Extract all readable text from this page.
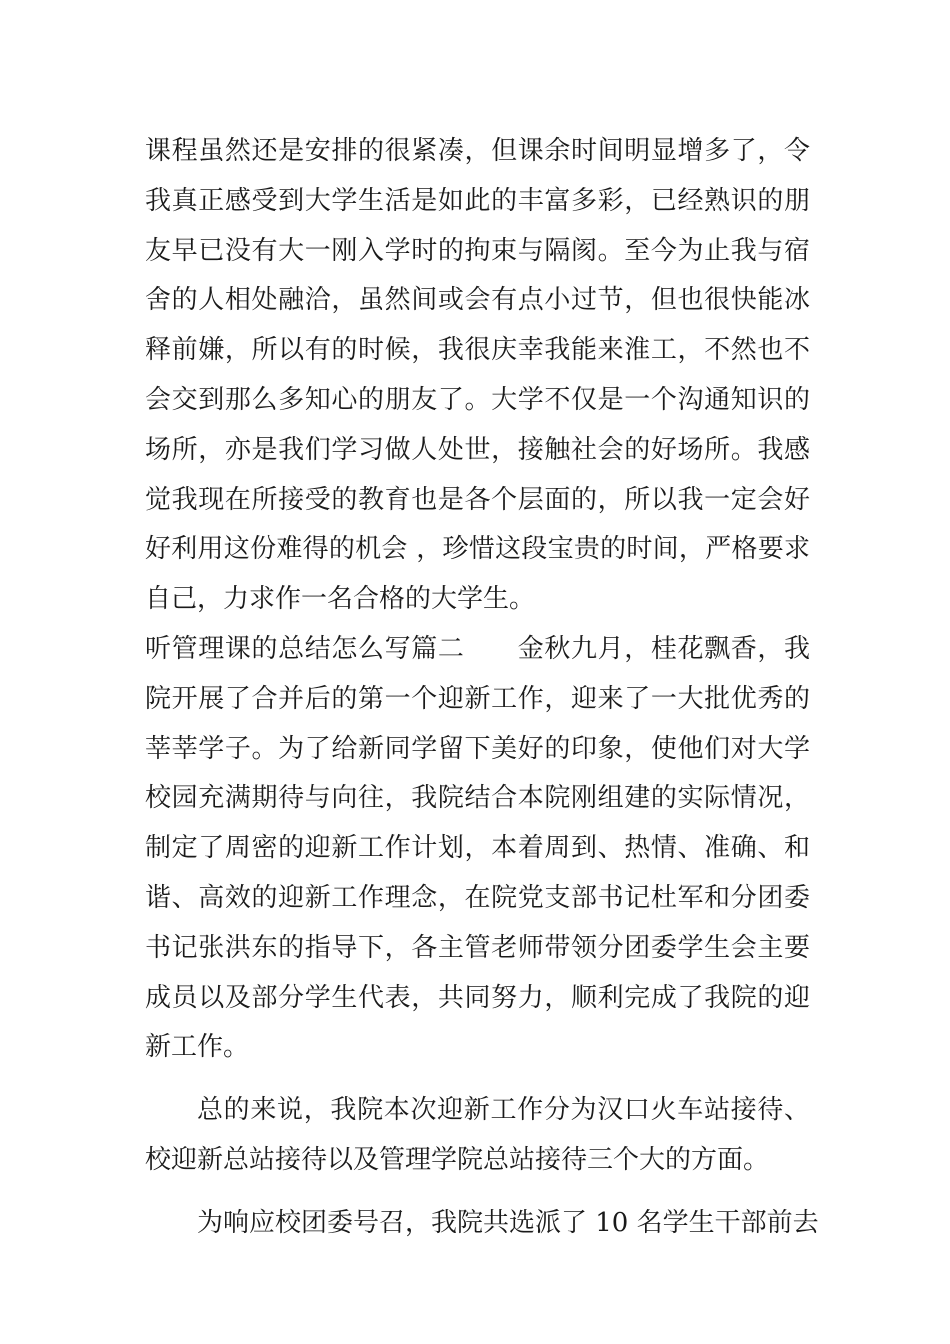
课程虽然还是安排的很紧凑，但课余时间明显增多了，令
我真正感受到大学生活是如此的丰富多彩，已经熟识的朋
友早已没有大一刚入学时的拘束与隔阂。至今为止我与宿
舍的人相处融洽，虽然间或会有点小过节，但也很快能冰
释前嫌，所以有的时候，我很庆幸我能来淮工，不然也不
会交到那么多知心的朋友了。大学不仅是一个沟通知识的
场所，亦是我们学习做人处世，接触社会的好场所。我感
觉我现在所接受的教育也是各个层面的，所以我一定会好
好利用这份难得的机会 ，珍惜这段宝贵的时间，严格要求
自己，力求作一名合格的大学生。
听管理课的总结怎么写篇二　　金秋九月，桂花飘香，我
院开展了合并后的第一个迎新工作，迎来了一大批优秀的
莘莘学子。为了给新同学留下美好的印象，使他们对大学
校园充满期待与向往，我院结合本院刚组建的实际情况，
制定了周密的迎新工作计划，本着周到、热情、准确、和
谐、高效的迎新工作理念，在院党支部书记杜军和分团委
书记张洪东的指导下，各主管老师带领分团委学生会主要
成员以及部分学生代表，共同努力，顺利完成了我院的迎
新工作。
总的来说，我院本次迎新工作分为汉口火车站接待、
校迎新总站接待以及管理学院总站接待三个大的方面。
为响应校团委号召，我院共选派了 10 名学生干部前去
